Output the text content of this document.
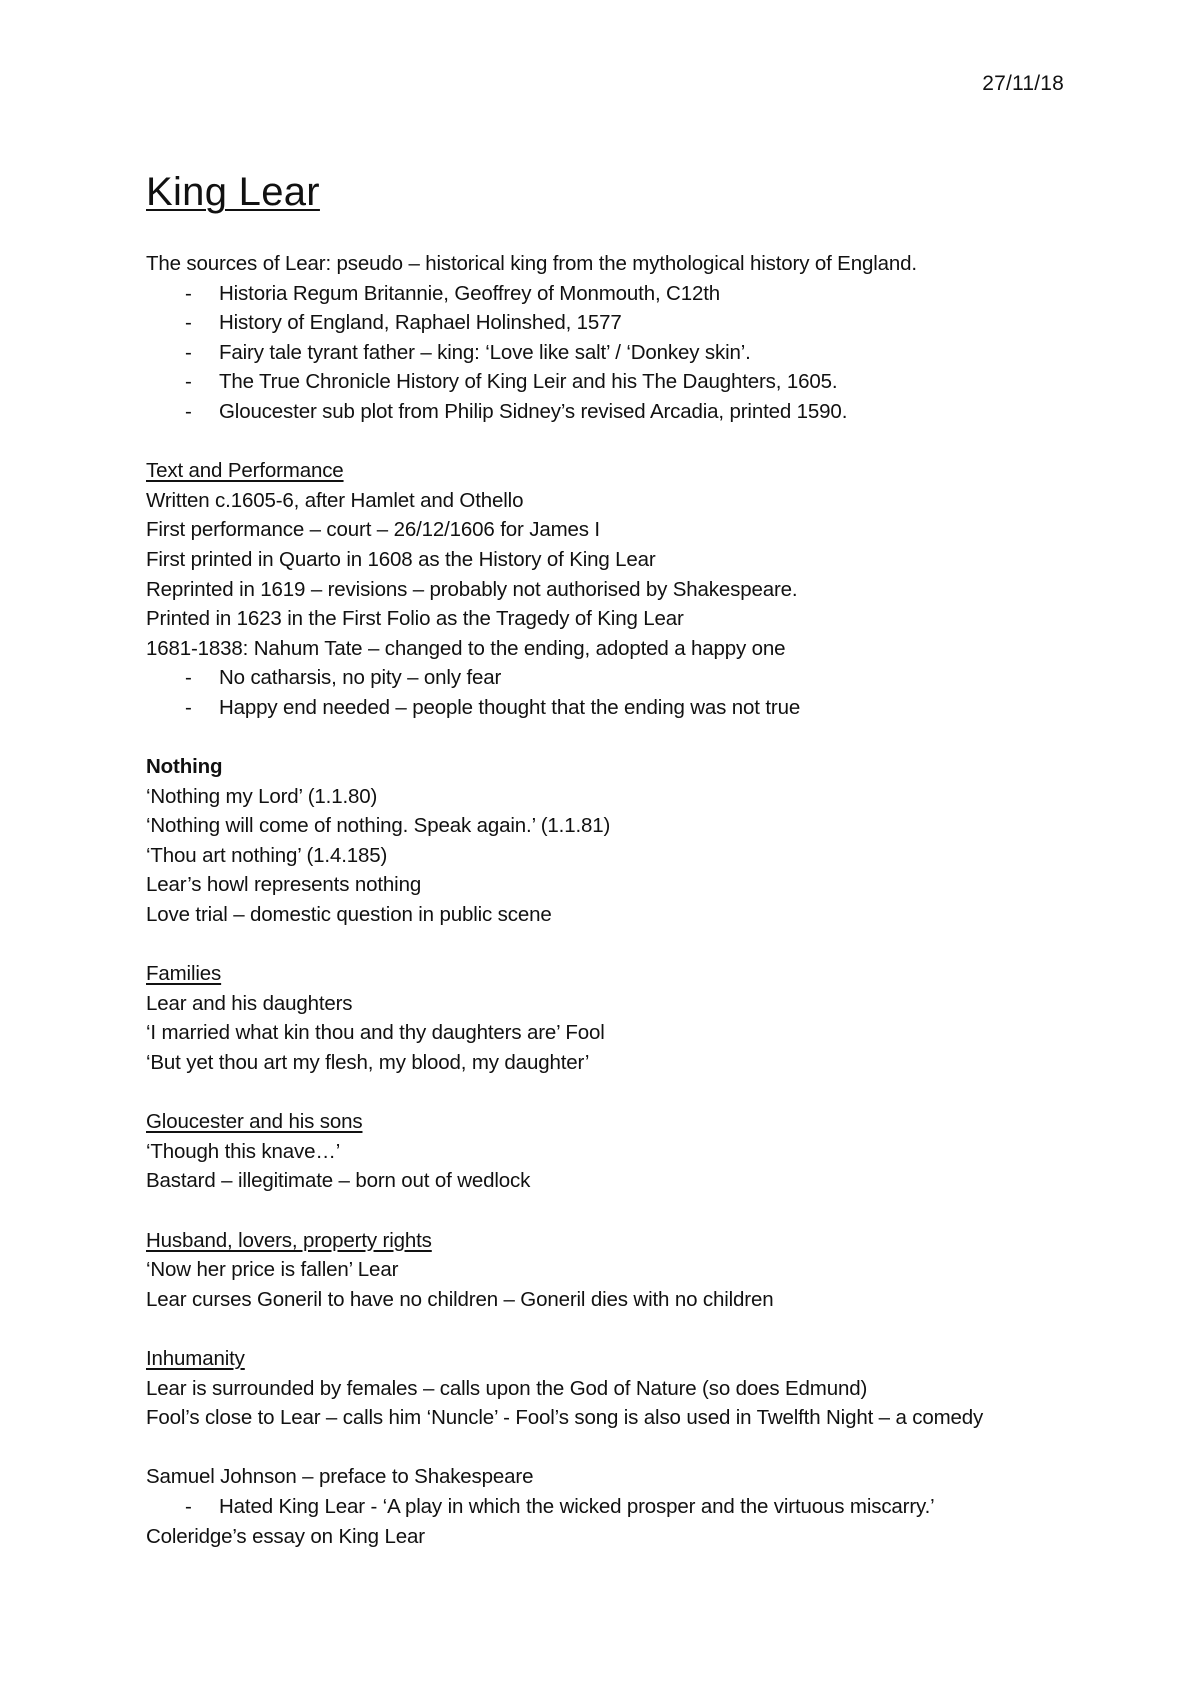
27/11/18
King Lear

The sources of Lear: pseudo – historical king from the mythological history of England.

- Historia Regum Britannie, Geoffrey of Monmouth, C12th

- History of England, Raphael Holinshed, 1577

- Fairy tale tyrant father – king: ‘Love like salt’ / ‘Donkey skin’.

- The True Chronicle History of King Leir and his The Daughters, 1605.

- Gloucester sub plot from Philip Sidney’s revised Arcadia, printed 1590.

Text and Performance

Written c.1605-6, after Hamlet and Othello

First performance – court – 26/12/1606 for James I

First printed in Quarto in 1608 as the History of King Lear

Reprinted in 1619 – revisions – probably not authorised by Shakespeare.

Printed in 1623 in the First Folio as the Tragedy of King Lear

1681-1838: Nahum Tate – changed to the ending, adopted a happy one

- No catharsis, no pity – only fear

- Happy end needed – people thought that the ending was not true

Nothing

‘Nothing my Lord’ (1.1.80)

‘Nothing will come of nothing. Speak again.’ (1.1.81)

‘Thou art nothing’ (1.4.185)

Lear’s howl represents nothing

Love trial – domestic question in public scene

Families

Lear and his daughters

‘I married what kin thou and thy daughters are’ Fool

‘But yet thou art my flesh, my blood, my daughter’

Gloucester and his sons

‘Though this knave…’

Bastard – illegitimate – born out of wedlock

Husband, lovers, property rights

‘Now her price is fallen’ Lear

Lear curses Goneril to have no children – Goneril dies with no children

Inhumanity

Lear is surrounded by females – calls upon the God of Nature (so does Edmund)

Fool’s close to Lear – calls him ‘Nuncle’ - Fool’s song is also used in Twelfth Night – a comedy

Samuel Johnson – preface to Shakespeare

- Hated King Lear - ‘A play in which the wicked prosper and the virtuous miscarry.’

Coleridge’s essay on King Lear
